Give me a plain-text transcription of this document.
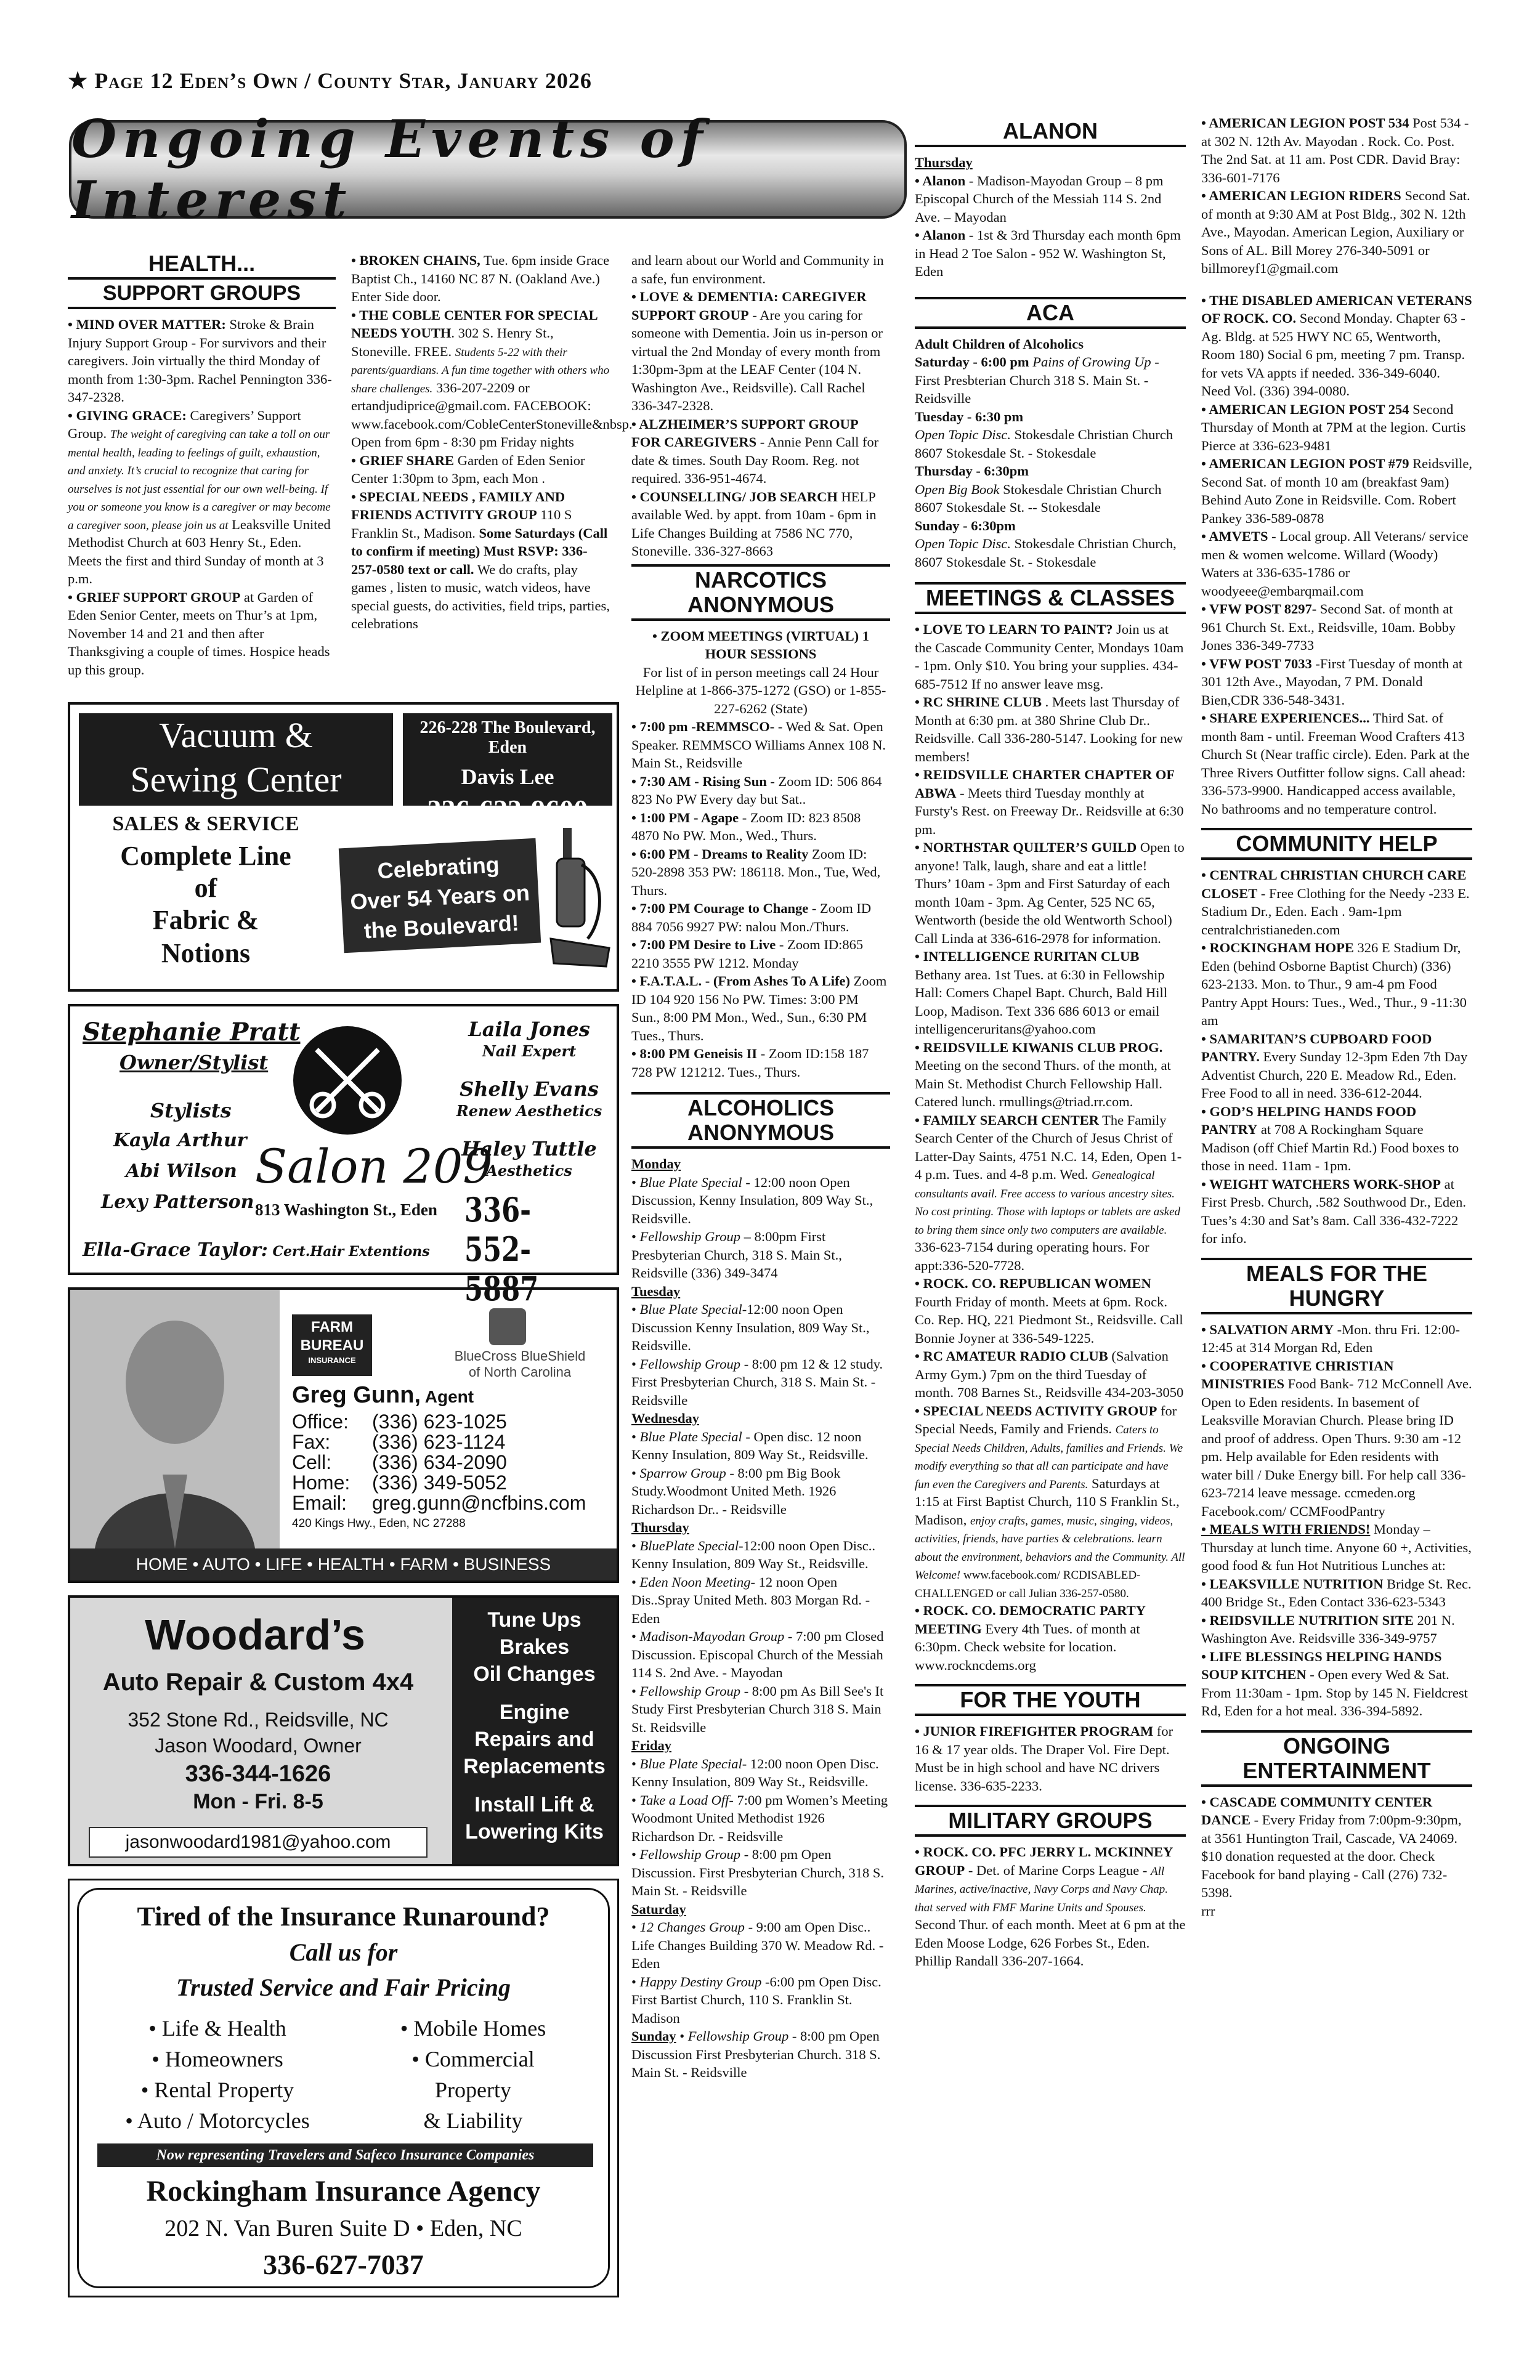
★ Page 12 Eden’s Own / County Star, January 2026
Ongoing Events of Interest
HEALTH...
SUPPORT GROUPS

• MIND OVER MATTER: Stroke & Brain Injury Support Group - For survivors and their caregivers. Join virtually the third Monday of month from 1:30-3pm. Rachel Pennington 336-347-2328.

• GIVING GRACE: Caregivers’ Support Group. The weight of caregiving can take a toll on our mental health, leading to feelings of guilt, exhaustion, and anxiety. It’s crucial to recognize that caring for ourselves is not just essential for our own well-being. If you or someone you know is a caregiver or may become a caregiver soon, please join us at Leaksville United Methodist Church at 603 Henry St., Eden. Meets the first and third Sunday of month at 3 p.m.

• GRIEF SUPPORT GROUP at Garden of Eden Senior Center, meets on Thur’s at 1pm, November 14 and 21 and then after Thanksgiving a couple of times. Hospice heads up this group.

• BROKEN CHAINS, Tue. 6pm inside Grace Baptist Ch., 14160 NC 87 N. (Oakland Ave.) Enter Side door.

• THE COBLE CENTER FOR SPECIAL NEEDS YOUTH. 302 S. Henry St., Stoneville. FREE. Students 5-22 with their parents/guardians. A fun time together with others who share challenges. 336-207-2209 or ertandjudiprice@gmail.com. FACEBOOK: www.facebook.com/CobleCenterStoneville&nbsp. Open from 6pm - 8:30 pm Friday nights

• GRIEF SHARE Garden of Eden Senior Center 1:30pm to 3pm, each Mon .

• SPECIAL NEEDS , FAMILY AND FRIENDS ACTIVITY GROUP 110 S Franklin St., Madison. Some Saturdays (Call to confirm if meeting) Must RSVP: 336-257-0580 text or call. We do crafts, play games , listen to music, watch videos, have special guests, do activities, field trips, parties, celebrations

and learn about our World and Community in a safe, fun environment.

• LOVE & DEMENTIA: CAREGIVER SUPPORT GROUP - Are you caring for someone with Dementia. Join us in-person or virtual the 2nd Monday of every month from 1:30pm-3pm at the LEAF Center (104 N. Washington Ave., Reidsville). Call Rachel 336-347-2328.

• ALZHEIMER’S SUPPORT GROUP FOR CAREGIVERS - Annie Penn Call for date & times. South Day Room. Reg. not required. 336-951-4674.

• COUNSELLING/ JOB SEARCH HELP available Wed. by appt. from 10am - 6pm in Life Changes Building at 7586 NC 770, Stoneville. 336-327-8663

NARCOTICS ANONYMOUS

• ZOOM MEETINGS (VIRTUAL) 1 HOUR SESSIONS

For list of in person meetings call 24 Hour Helpline at 1-866-375-1272 (GSO) or 1-855-227-6262 (State)

• 7:00 pm -REMMSCO- - Wed & Sat. Open Speaker. REMMSCO Williams Annex 108 N. Main St., Reidsville

• 7:30 AM - Rising Sun - Zoom ID: 506 864 823 No PW Every day but Sat..

• 1:00 PM - Agape - Zoom ID: 823 8508 4870 No PW. Mon., Wed., Thurs.

• 6:00 PM - Dreams to Reality Zoom ID: 520-2898 353 PW: 186118. Mon., Tue, Wed, Thurs.

• 7:00 PM Courage to Change - Zoom ID 884 7056 9927 PW: nalou Mon./Thurs.

• 7:00 PM Desire to Live - Zoom ID:865 2210 3555 PW 1212. Monday

• F.A.T.A.L. - (From Ashes To A Life) Zoom ID 104 920 156 No PW. Times: 3:00 PM Sun., 8:00 PM Mon., Wed., Sun., 6:30 PM Tues., Thurs.

• 8:00 PM Geneisis II - Zoom ID:158 187 728 PW 121212. Tues., Thurs.

ALCOHOLICS ANONYMOUS

Monday

• Blue Plate Special - 12:00 noon Open Discussion, Kenny Insulation, 809 Way St., Reidsville.

• Fellowship Group – 8:00pm First Presbyterian Church, 318 S. Main St., Reidsville (336) 349-3474

Tuesday

• Blue Plate Special-12:00 noon Open Discussion Kenny Insulation, 809 Way St., Reidsville.

• Fellowship Group - 8:00 pm 12 & 12 study. First Presbyterian Church, 318 S. Main St. - Reidsville

Wednesday

• Blue Plate Special - Open disc. 12 noon Kenny Insulation, 809 Way St., Reidsville.

• Sparrow Group - 8:00 pm Big Book Study.Woodmont United Meth. 1926 Richardson Dr.. - Reidsville

Thursday

• BluePlate Special-12:00 noon Open Disc.. Kenny Insulation, 809 Way St., Reidsville.

• Eden Noon Meeting- 12 noon Open Dis..Spray United Meth. 803 Morgan Rd. - Eden

• Madison-Mayodan Group - 7:00 pm Closed Discussion. Episcopal Church of the Messiah 114 S. 2nd Ave. - Mayodan

• Fellowship Group - 8:00 pm As Bill See's It Study First Presbyterian Church 318 S. Main St. Reidsville

Friday

• Blue Plate Special- 12:00 noon Open Disc. Kenny Insulation, 809 Way St., Reidsville.

• Take a Load Off- 7:00 pm Women’s Meeting Woodmont United Methodist 1926 Richardson Dr. - Reidsville

• Fellowship Group - 8:00 pm Open Discussion. First Presbyterian Church, 318 S. Main St. - Reidsville

Saturday

• 12 Changes Group - 9:00 am Open Disc.. Life Changes Building 370 W. Meadow Rd. - Eden

• Happy Destiny Group -6:00 pm Open Disc. First Bartist Church, 110 S. Franklin St. Madison

Sunday • Fellowship Group - 8:00 pm Open Discussion First Presbyterian Church. 318 S. Main St. - Reidsville

ALANON

Thursday

• Alanon - Madison-Mayodan Group – 8 pm Episcopal Church of the Messiah 114 S. 2nd Ave. – Mayodan

• Alanon - 1st & 3rd Thursday each month 6pm in Head 2 Toe Salon - 952 W. Washington St, Eden

ACA

Adult Children of Alcoholics

Saturday - 6:00 pm Pains of Growing Up - First Presbterian Church 318 S. Main St. - Reidsville

Tuesday - 6:30 pm
Open Topic Disc. Stokesdale Christian Church 8607 Stokesdale St. - Stokesdale

Thursday - 6:30pm
Open Big Book Stokesdale Christian Church 8607 Stokesdale St. -- Stokesdale

Sunday - 6:30pm
Open Topic Disc. Stokesdale Christian Church, 8607 Stokesdale St. - Stokesdale

MEETINGS & CLASSES

• LOVE TO LEARN TO PAINT? Join us at the Cascade Community Center, Mondays 10am - 1pm. Only $10. You bring your supplies. 434-685-7512 If no answer leave msg.

• RC SHRINE CLUB . Meets last Thursday of Month at 6:30 pm. at 380 Shrine Club Dr.. Reidsville. Call 336-280-5147. Looking for new members!

• REIDSVILLE CHARTER CHAPTER OF ABWA - Meets third Tuesday monthly at Fursty's Rest. on Freeway Dr.. Reidsville at 6:30 pm.

• NORTHSTAR QUILTER’S GUILD Open to anyone! Talk, laugh, share and eat a little! Thurs’ 10am - 3pm and First Saturday of each month 10am - 3pm. Ag Center, 525 NC 65, Wentworth (beside the old Wentworth School) Call Linda at 336-616-2978 for information.

• INTELLIGENCE RURITAN CLUB Bethany area. 1st Tues. at 6:30 in Fellowship Hall: Comers Chapel Bapt. Church, Bald Hill Loop, Madison. Text 336 686 6013 or email intelligenceruritans@yahoo.com

• REIDSVILLE KIWANIS CLUB PROG. Meeting on the second Thurs. of the month, at Main St. Methodist Church Fellowship Hall. Catered lunch. rmullings@triad.rr.com.

• FAMILY SEARCH CENTER The Family Search Center of the Church of Jesus Christ of Latter-Day Saints, 4751 N.C. 14, Eden, Open 1-4 p.m. Tues. and 4-8 p.m. Wed. Genealogical consultants avail. Free access to various ancestry sites. No cost printing. Those with laptops or tablets are asked to bring them since only two computers are available. 336-623-7154 during operating hours. For appt:336-520-7728.

• ROCK. CO. REPUBLICAN WOMEN Fourth Friday of month. Meets at 6pm. Rock. Co. Rep. HQ, 221 Piedmont St., Reidsville. Call Bonnie Joyner at 336-549-1225.

• RC AMATEUR RADIO CLUB (Salvation Army Gym.) 7pm on the third Tuesday of month. 708 Barnes St., Reidsville 434-203-3050

• SPECIAL NEEDS ACTIVITY GROUP for Special Needs, Family and Friends. Caters to Special Needs Children, Adults, families and Friends. We modify everything so that all can participate and have fun even the Caregivers and Parents. Saturdays at 1:15 at First Baptist Church, 110 S Franklin St., Madison, enjoy crafts, games, music, singing, videos, activities, friends, have parties & celebrations. learn about the environment, behaviors and the Community. All Welcome! www.facebook.com/ RCDISABLED-CHALLENGED or call Julian 336-257-0580.

• ROCK. CO. DEMOCRATIC PARTY MEETING Every 4th Tues. of month at 6:30pm. Check website for location. www.rockncdems.org

FOR THE YOUTH

• JUNIOR FIREFIGHTER PROGRAM for 16 & 17 year olds. The Draper Vol. Fire Dept. Must be in high school and have NC drivers license. 336-635-2233.

MILITARY GROUPS

• ROCK. CO. PFC JERRY L. MCKINNEY GROUP - Det. of Marine Corps League - All Marines, active/inactive, Navy Corps and Navy Chap. that served with FMF Marine Units and Spouses. Second Thur. of each month. Meet at 6 pm at the Eden Moose Lodge, 626 Forbes St., Eden. Phillip Randall 336-207-1664.

• AMERICAN LEGION POST 534 Post 534 - at 302 N. 12th Av. Mayodan . Rock. Co. Post. The 2nd Sat. at 11 am. Post CDR. David Bray: 336-601-7176

• AMERICAN LEGION RIDERS Second Sat. of month at 9:30 AM at Post Bldg., 302 N. 12th Ave., Mayodan. American Legion, Auxiliary or Sons of AL. Bill Morey 276-340-5091 or billmoreyf1@gmail.com

• THE DISABLED AMERICAN VETERANS OF ROCK. CO. Second Monday. Chapter 63 -Ag. Bldg. at 525 HWY NC 65, Wentworth, Room 180) Social 6 pm, meeting 7 pm. Transp. for vets VA appts if needed. 336-349-6040. Need Vol. (336) 394-0080.

• AMERICAN LEGION POST 254 Second Thursday of Month at 7PM at the legion. Curtis Pierce at 336-623-9481

• AMERICAN LEGION POST #79 Reidsville, Second Sat. of month 10 am (breakfast 9am) Behind Auto Zone in Reidsville. Com. Robert Pankey 336-589-0878

• AMVETS - Local group. All Veterans/ service men & women welcome. Willard (Woody) Waters at 336-635-1786 or woodyeee@embarqmail.com

• VFW POST 8297- Second Sat. of month at 961 Church St. Ext., Reidsville, 10am. Bobby Jones 336-349-7733

• VFW POST 7033 -First Tuesday of month at 301 12th Ave., Mayodan, 7 PM. Donald Bien,CDR 336-548-3431.

• SHARE EXPERIENCES... Third Sat. of month 8am - until. Freeman Wood Crafters 413 Church St (Near traffic circle). Eden. Park at the Three Rivers Outfitter follow signs. Call ahead: 336-573-9900. Handicapped access available, No bathrooms and no temperature control.

COMMUNITY HELP

• CENTRAL CHRISTIAN CHURCH CARE CLOSET - Free Clothing for the Needy -233 E. Stadium Dr., Eden. Each . 9am-1pm centralchristianeden.com

• ROCKINGHAM HOPE 326 E Stadium Dr, Eden (behind Osborne Baptist Church) (336) 623-2133. Mon. to Thur., 9 am-4 pm Food Pantry Appt Hours: Tues., Wed., Thur., 9 -11:30 am

• SAMARITAN’S CUPBOARD FOOD PANTRY. Every Sunday 12-3pm Eden 7th Day Adventist Church, 220 E. Meadow Rd., Eden. Free Food to all in need. 336-612-2044.

• GOD’S HELPING HANDS FOOD PANTRY at 708 A Rockingham Square Madison (off Chief Martin Rd.) Food boxes to those in need. 11am - 1pm.

• WEIGHT WATCHERS WORK-SHOP at First Presb. Church, .582 Southwood Dr., Eden. Tues’s 4:30 and Sat’s 8am. Call 336-432-7222 for info.

MEALS FOR THE HUNGRY

• SALVATION ARMY -Mon. thru Fri. 12:00-12:45 at 314 Morgan Rd, Eden

• COOPERATIVE CHRISTIAN MINISTRIES Food Bank- 712 McConnell Ave. Open to Eden residents. In basement of Leaksville Moravian Church. Please bring ID and proof of address. Open Thurs. 9:30 am -12 pm. Help available for Eden residents with water bill / Duke Energy bill. For help call 336-623-7214 leave message. ccmeden.org Facebook.com/ CCMFoodPantry

• MEALS WITH FRIENDS! Monday – Thursday at lunch time. Anyone 60 +, Activities, good food & fun Hot Nutritious Lunches at:

• LEAKSVILLE NUTRITION Bridge St. Rec. 400 Bridge St., Eden Contact 336-623-5343

• REIDSVILLE NUTRITION SITE 201 N. Washington Ave. Reidsville 336-349-9757

• LIFE BLESSINGS HELPING HANDS SOUP KITCHEN - Open every Wed & Sat. From 11:30am - 1pm. Stop by 145 N. Fieldcrest Rd, Eden for a hot meal. 336-394-5892.

ONGOING ENTERTAINMENT

• CASCADE COMMUNITY CENTER DANCE - Every Friday from 7:00pm-9:30pm, at 3561 Huntington Trail, Cascade, VA 24069. $10 donation requested at the door. Check Facebook for band playing - Call (276) 732-5398.

rrr

Vacuum &
Sewing Center
226-228 The Boulevard, Eden
Davis Lee
336-623-9600
SALES & SERVICE
Complete Line
of
Fabric &
Notions
Celebrating
Over 54 Years on
the Boulevard!
Stephanie Pratt
Owner/Stylist
Stylists
Kayla Arthur
Abi Wilson
Lexy Patterson
Salon 209
813 Washington St., Eden
Laila Jones
Nail Expert
Shelly Evans
Renew Aesthetics
Haley Tuttle
Aesthetics
336-552-5887
Ella-Grace Taylor: Cert.Hair Extentions
FARM
BUREAU
INSURANCE	BlueCross BlueShield
of North Carolina
Greg Gunn, Agent
Office: (336) 623-1025
Fax: (336) 623-1124
Cell: (336) 634-2090
Home: (336) 349-5052
Email: greg.gunn@ncfbins.com
420 Kings Hwy., Eden, NC 27288
HOME • AUTO • LIFE • HEALTH • FARM • BUSINESS
Woodard’s
Auto Repair & Custom 4x4
352 Stone Rd., Reidsville, NC
Jason Woodard, Owner
336-344-1626
Mon - Fri. 8-5
jasonwoodard1981@yahoo.com
Tune Ups
Brakes
Oil Changes
Engine
Repairs and
Replacements
Install Lift &
Lowering Kits
Tired of the Insurance Runaround?
Call us for
Trusted Service and Fair Pricing
• Life & Health
• Homeowners
• Rental Property
• Auto / Motorcycles
• Mobile Homes
• Commercial
Property
& Liability
Now representing Travelers and Safeco Insurance Companies
Rockingham Insurance Agency
202 N. Van Buren Suite D • Eden, NC
336-627-7037
